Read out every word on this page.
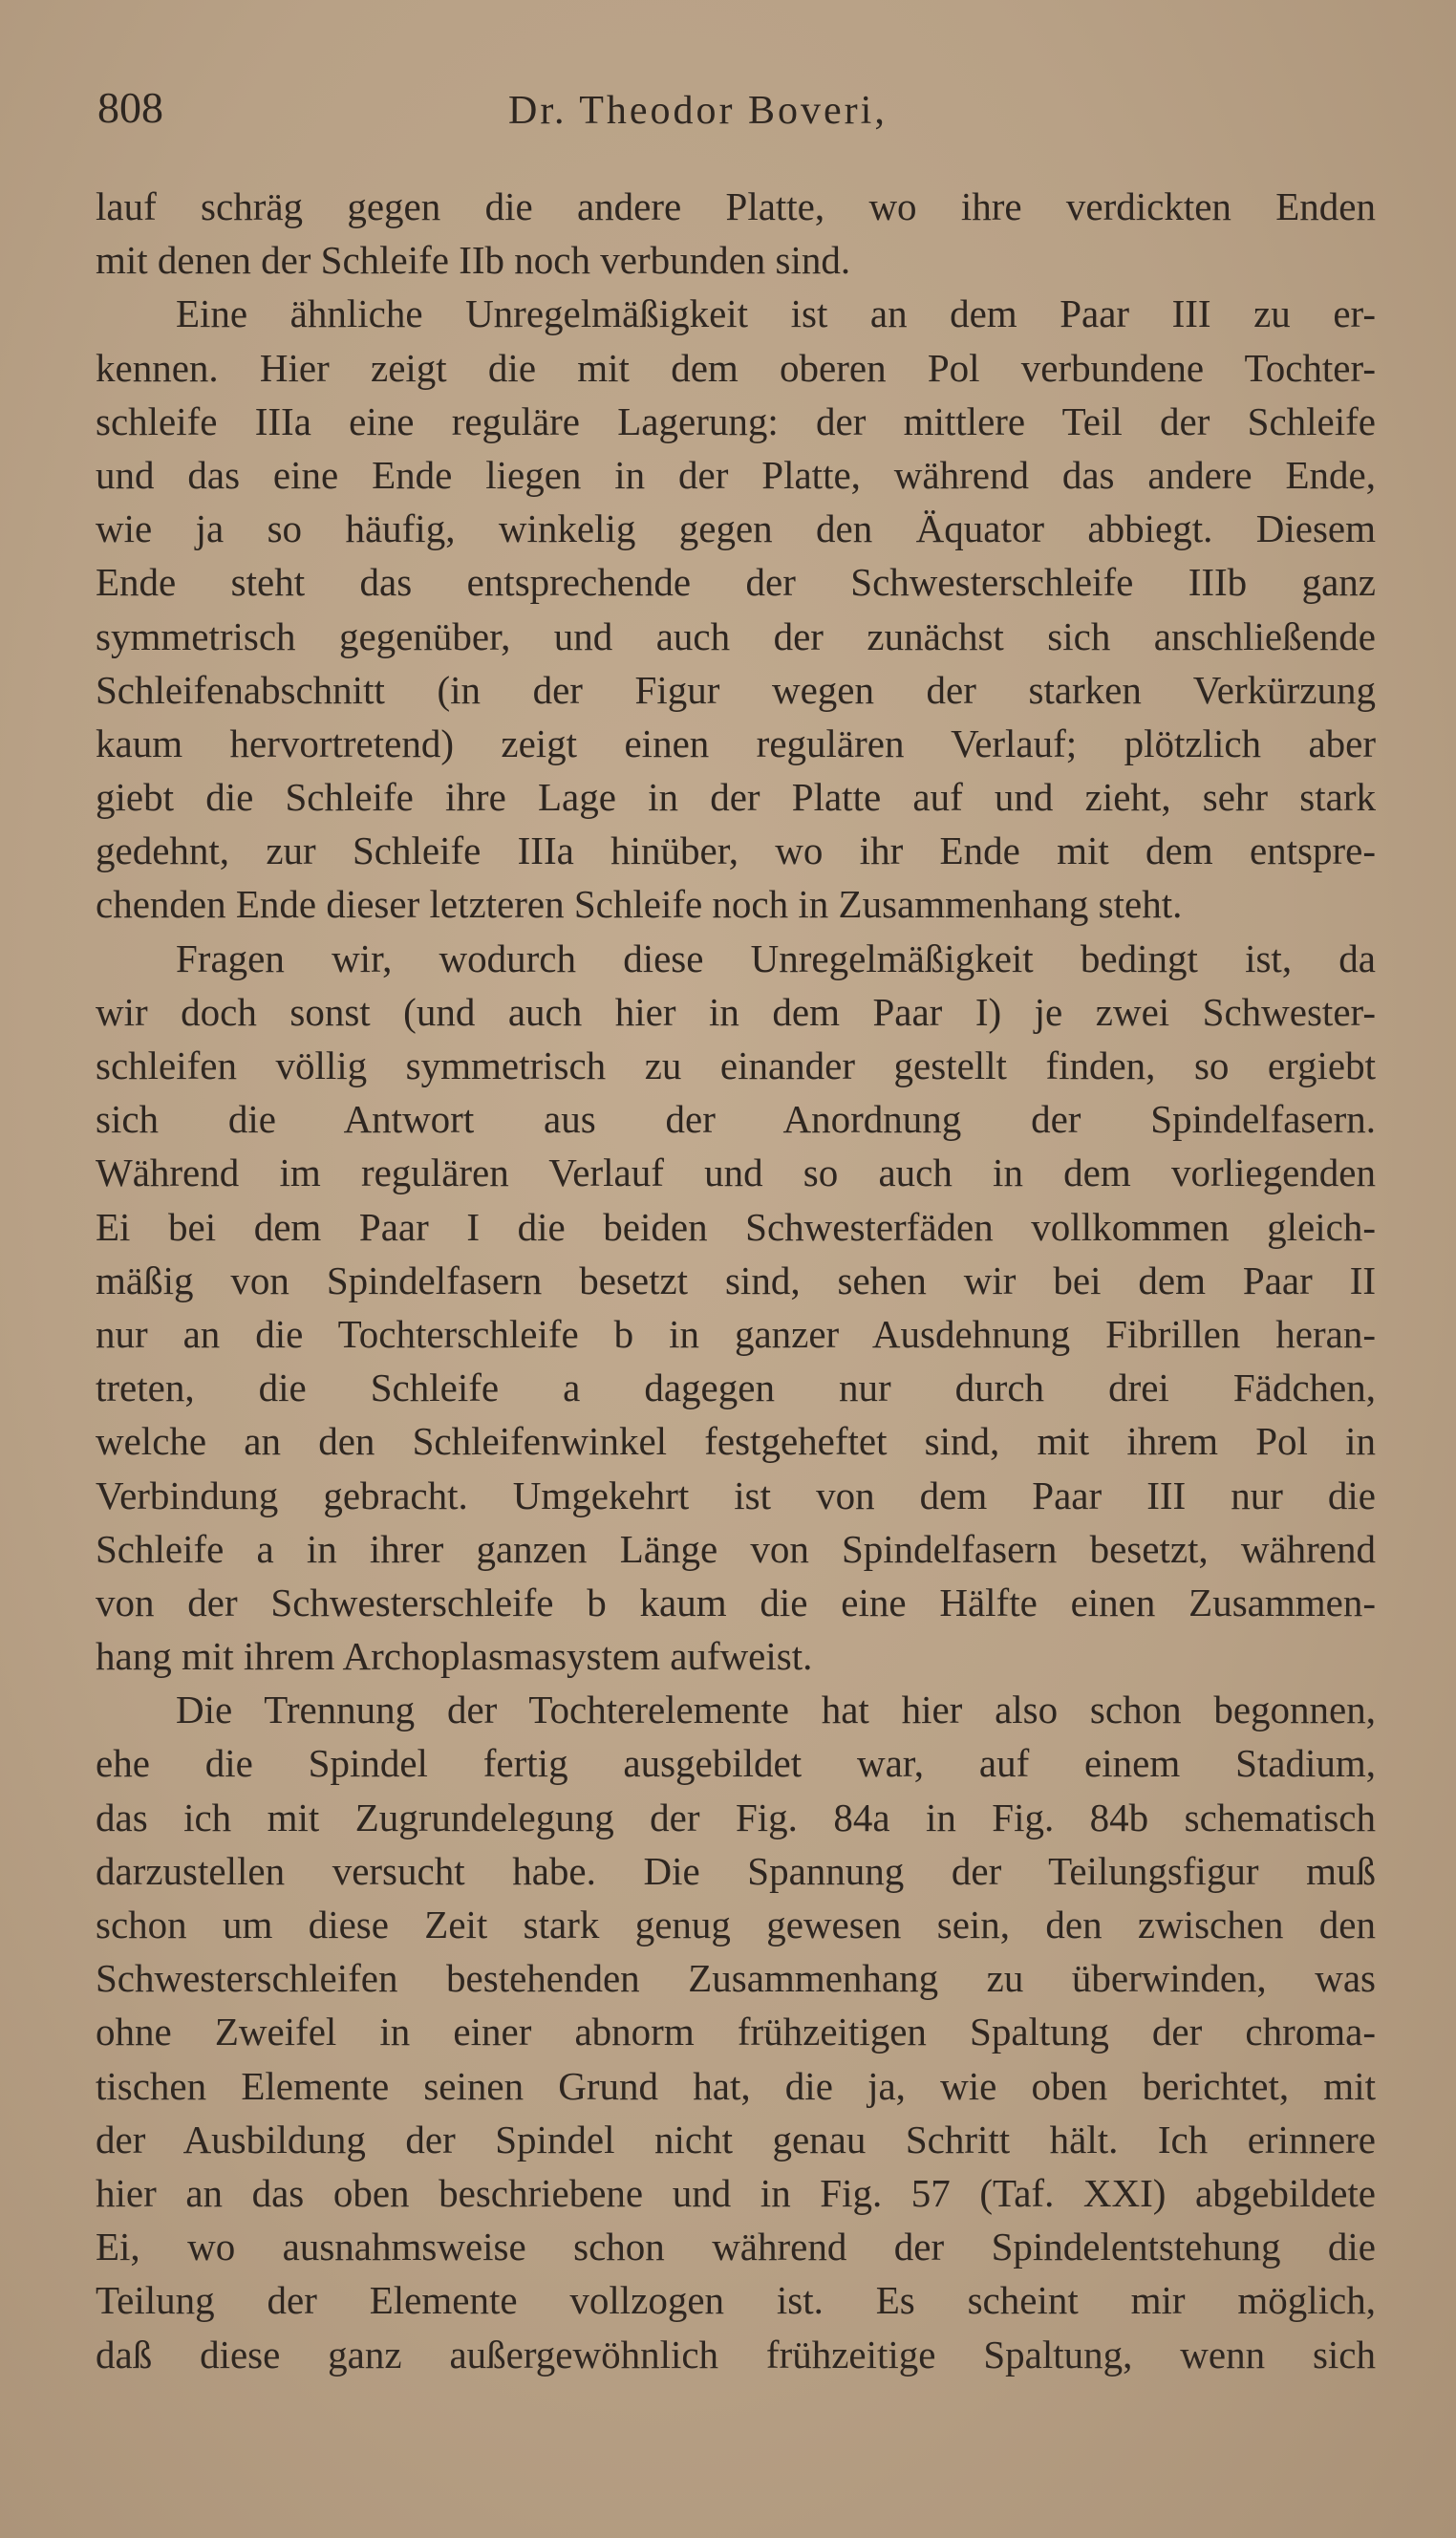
808	Dr. Theodor Boveri,
lauf schräg gegen die andere Platte, wo ihre verdickten Enden
mit denen der Schleife IIb noch verbunden sind.
Eine ähnliche Unregelmäßigkeit ist an dem Paar III zu er-
kennen. Hier zeigt die mit dem oberen Pol verbundene Tochter-
schleife IIIa eine reguläre Lagerung: der mittlere Teil der Schleife
und das eine Ende liegen in der Platte, während das andere Ende,
wie ja so häufig, winkelig gegen den Äquator abbiegt. Diesem
Ende steht das entsprechende der Schwesterschleife IIIb ganz
symmetrisch gegenüber, und auch der zunächst sich anschließende
Schleifenabschnitt (in der Figur wegen der starken Verkürzung
kaum hervortretend) zeigt einen regulären Verlauf; plötzlich aber
giebt die Schleife ihre Lage in der Platte auf und zieht, sehr stark
gedehnt, zur Schleife IIIa hinüber, wo ihr Ende mit dem entspre-
chenden Ende dieser letzteren Schleife noch in Zusammenhang steht.
Fragen wir, wodurch diese Unregelmäßigkeit bedingt ist, da
wir doch sonst (und auch hier in dem Paar I) je zwei Schwester-
schleifen völlig symmetrisch zu einander gestellt finden, so ergiebt
sich die Antwort aus der Anordnung der Spindelfasern.
Während im regulären Verlauf und so auch in dem vorliegenden
Ei bei dem Paar I die beiden Schwesterfäden vollkommen gleich-
mäßig von Spindelfasern besetzt sind, sehen wir bei dem Paar II
nur an die Tochterschleife b in ganzer Ausdehnung Fibrillen heran-
treten, die Schleife a dagegen nur durch drei Fädchen,
welche an den Schleifenwinkel festgeheftet sind, mit ihrem Pol in
Verbindung gebracht. Umgekehrt ist von dem Paar III nur die
Schleife a in ihrer ganzen Länge von Spindelfasern besetzt, während
von der Schwesterschleife b kaum die eine Hälfte einen Zusammen-
hang mit ihrem Archoplasmasystem aufweist.
Die Trennung der Tochterelemente hat hier also schon begonnen,
ehe die Spindel fertig ausgebildet war, auf einem Stadium,
das ich mit Zugrundelegung der Fig. 84a in Fig. 84b schematisch
darzustellen versucht habe. Die Spannung der Teilungsfigur muß
schon um diese Zeit stark genug gewesen sein, den zwischen den
Schwesterschleifen bestehenden Zusammenhang zu überwinden, was
ohne Zweifel in einer abnorm frühzeitigen Spaltung der chroma-
tischen Elemente seinen Grund hat, die ja, wie oben berichtet, mit
der Ausbildung der Spindel nicht genau Schritt hält. Ich erinnere
hier an das oben beschriebene und in Fig. 57 (Taf. XXI) abgebildete
Ei, wo ausnahmsweise schon während der Spindelentstehung die
Teilung der Elemente vollzogen ist. Es scheint mir möglich,
daß diese ganz außergewöhnlich frühzeitige Spaltung, wenn sich
